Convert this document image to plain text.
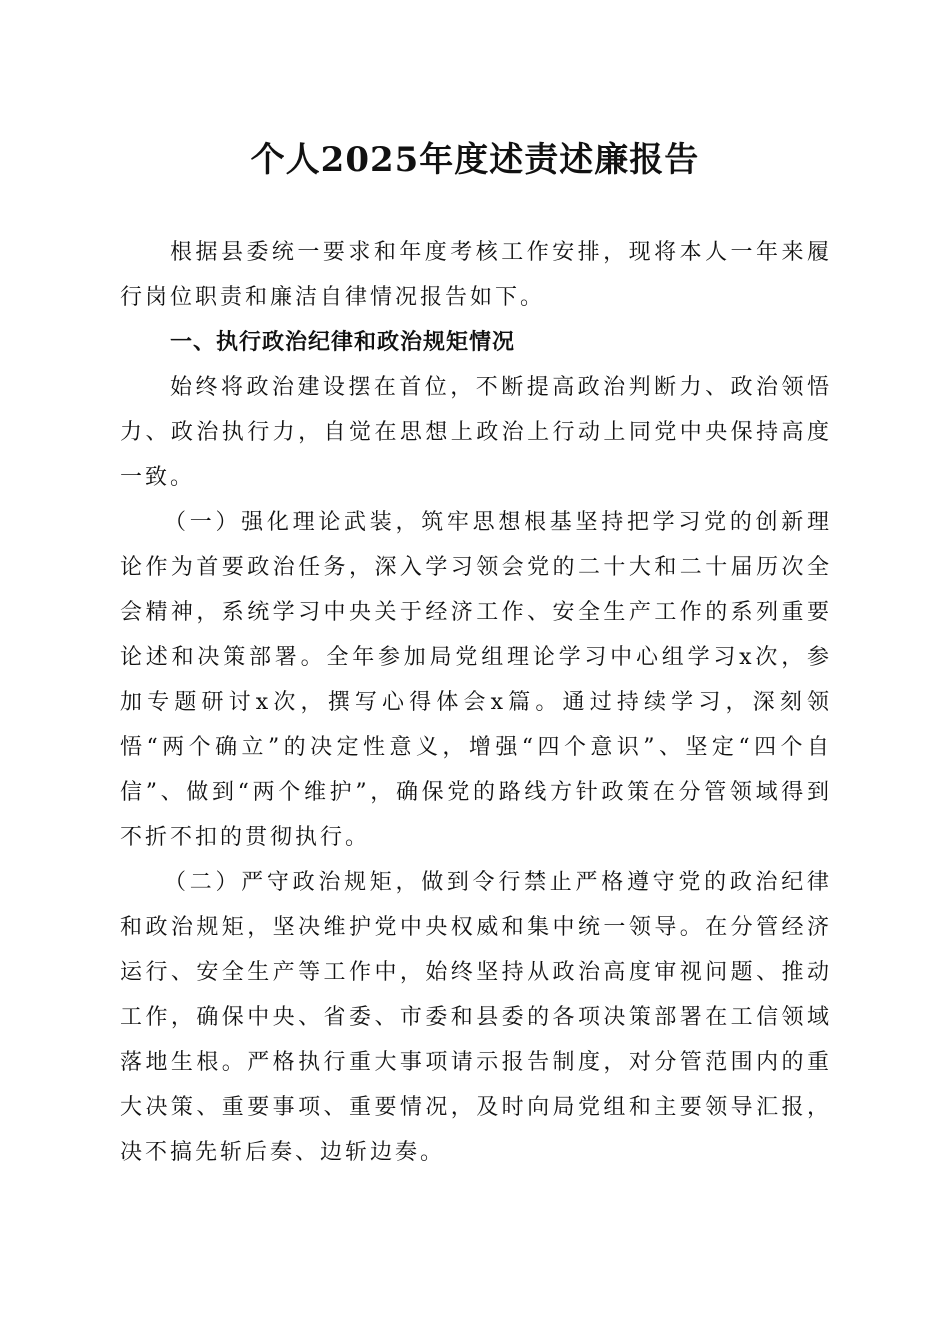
个人2025年度述责述廉报告

根据县委统一要求和年度考核工作安排，现将本人一年来履行岗位职责和廉洁自律情况报告如下。

一、执行政治纪律和政治规矩情况

始终将政治建设摆在首位，不断提高政治判断力、政治领悟力、政治执行力，自觉在思想上政治上行动上同党中央保持高度一致。

（一）强化理论武装，筑牢思想根基坚持把学习党的创新理论作为首要政治任务，深入学习领会党的二十大和二十届历次全会精神，系统学习中央关于经济工作、安全生产工作的系列重要论述和决策部署。全年参加局党组理论学习中心组学习x次，参加专题研讨x次，撰写心得体会x篇。通过持续学习，深刻领悟“两个确立”的决定性意义，增强“四个意识”、坚定“四个自信”、做到“两个维护”，确保党的路线方针政策在分管领域得到不折不扣的贯彻执行。

（二）严守政治规矩，做到令行禁止严格遵守党的政治纪律和政治规矩，坚决维护党中央权威和集中统一领导。在分管经济运行、安全生产等工作中，始终坚持从政治高度审视问题、推动工作，确保中央、省委、市委和县委的各项决策部署在工信领域落地生根。严格执行重大事项请示报告制度，对分管范围内的重大决策、重要事项、重要情况，及时向局党组和主要领导汇报，决不搞先斩后奏、边斩边奏。
